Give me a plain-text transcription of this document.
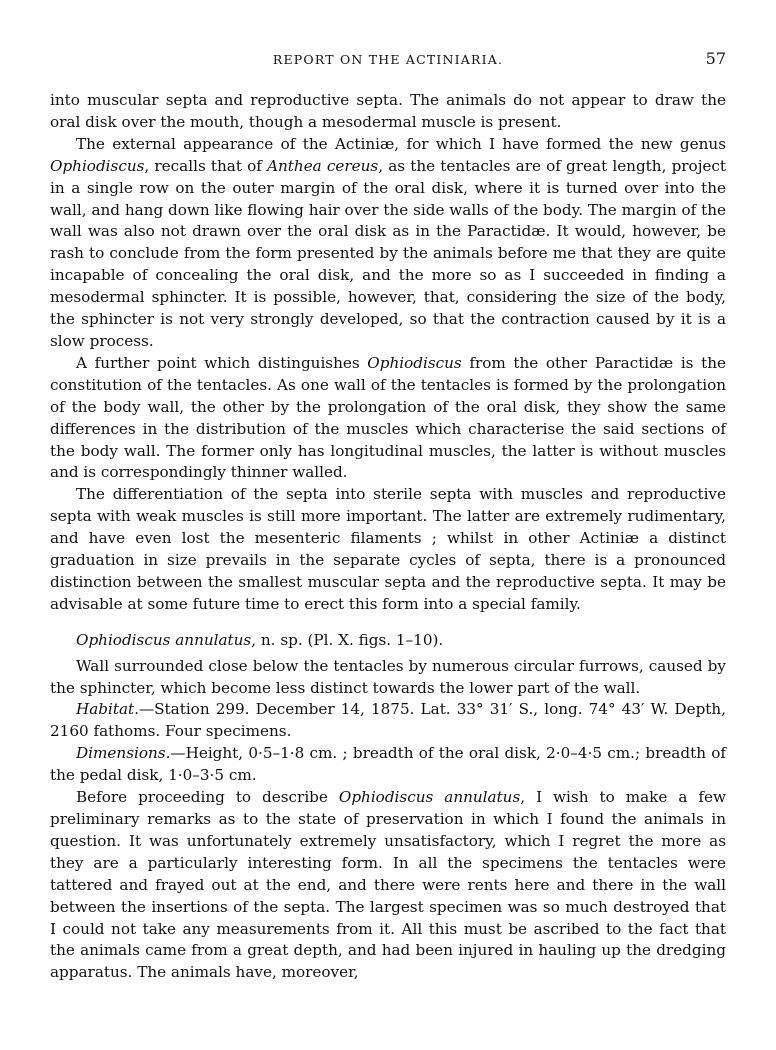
REPORT ON THE ACTINIARIA.	57

into muscular septa and reproductive septa. The animals do not appear to draw the oral disk over the mouth, though a mesodermal muscle is present.

The external appearance of the Actiniæ, for which I have formed the new genus Ophiodiscus, recalls that of Anthea cereus, as the tentacles are of great length, project in a single row on the outer margin of the oral disk, where it is turned over into the wall, and hang down like flowing hair over the side walls of the body. The margin of the wall was also not drawn over the oral disk as in the Paractidæ. It would, however, be rash to conclude from the form presented by the animals before me that they are quite incapable of concealing the oral disk, and the more so as I succeeded in finding a mesodermal sphincter. It is possible, however, that, considering the size of the body, the sphincter is not very strongly developed, so that the contraction caused by it is a slow process.

A further point which distinguishes Ophiodiscus from the other Paractidæ is the constitution of the tentacles. As one wall of the tentacles is formed by the prolongation of the body wall, the other by the prolongation of the oral disk, they show the same differences in the distribution of the muscles which characterise the said sections of the body wall. The former only has longitudinal muscles, the latter is without muscles and is correspondingly thinner walled.

The differentiation of the septa into sterile septa with muscles and reproductive septa with weak muscles is still more important. The latter are extremely rudimentary, and have even lost the mesenteric filaments ; whilst in other Actiniæ a distinct graduation in size prevails in the separate cycles of septa, there is a pronounced distinction between the smallest muscular septa and the reproductive septa. It may be advisable at some future time to erect this form into a special family.

Ophiodiscus annulatus, n. sp. (Pl. X. figs. 1–10).

Wall surrounded close below the tentacles by numerous circular furrows, caused by the sphincter, which become less distinct towards the lower part of the wall.

Habitat.—Station 299. December 14, 1875. Lat. 33° 31′ S., long. 74° 43′ W. Depth, 2160 fathoms. Four specimens.

Dimensions.—Height, 0·5–1·8 cm. ; breadth of the oral disk, 2·0–4·5 cm.; breadth of the pedal disk, 1·0–3·5 cm.

Before proceeding to describe Ophiodiscus annulatus, I wish to make a few preliminary remarks as to the state of preservation in which I found the animals in question. It was unfortunately extremely unsatisfactory, which I regret the more as they are a particularly interesting form. In all the specimens the tentacles were tattered and frayed out at the end, and there were rents here and there in the wall between the insertions of the septa. The largest specimen was so much destroyed that I could not take any measurements from it. All this must be ascribed to the fact that the animals came from a great depth, and had been injured in hauling up the dredging apparatus. The animals have, moreover,
